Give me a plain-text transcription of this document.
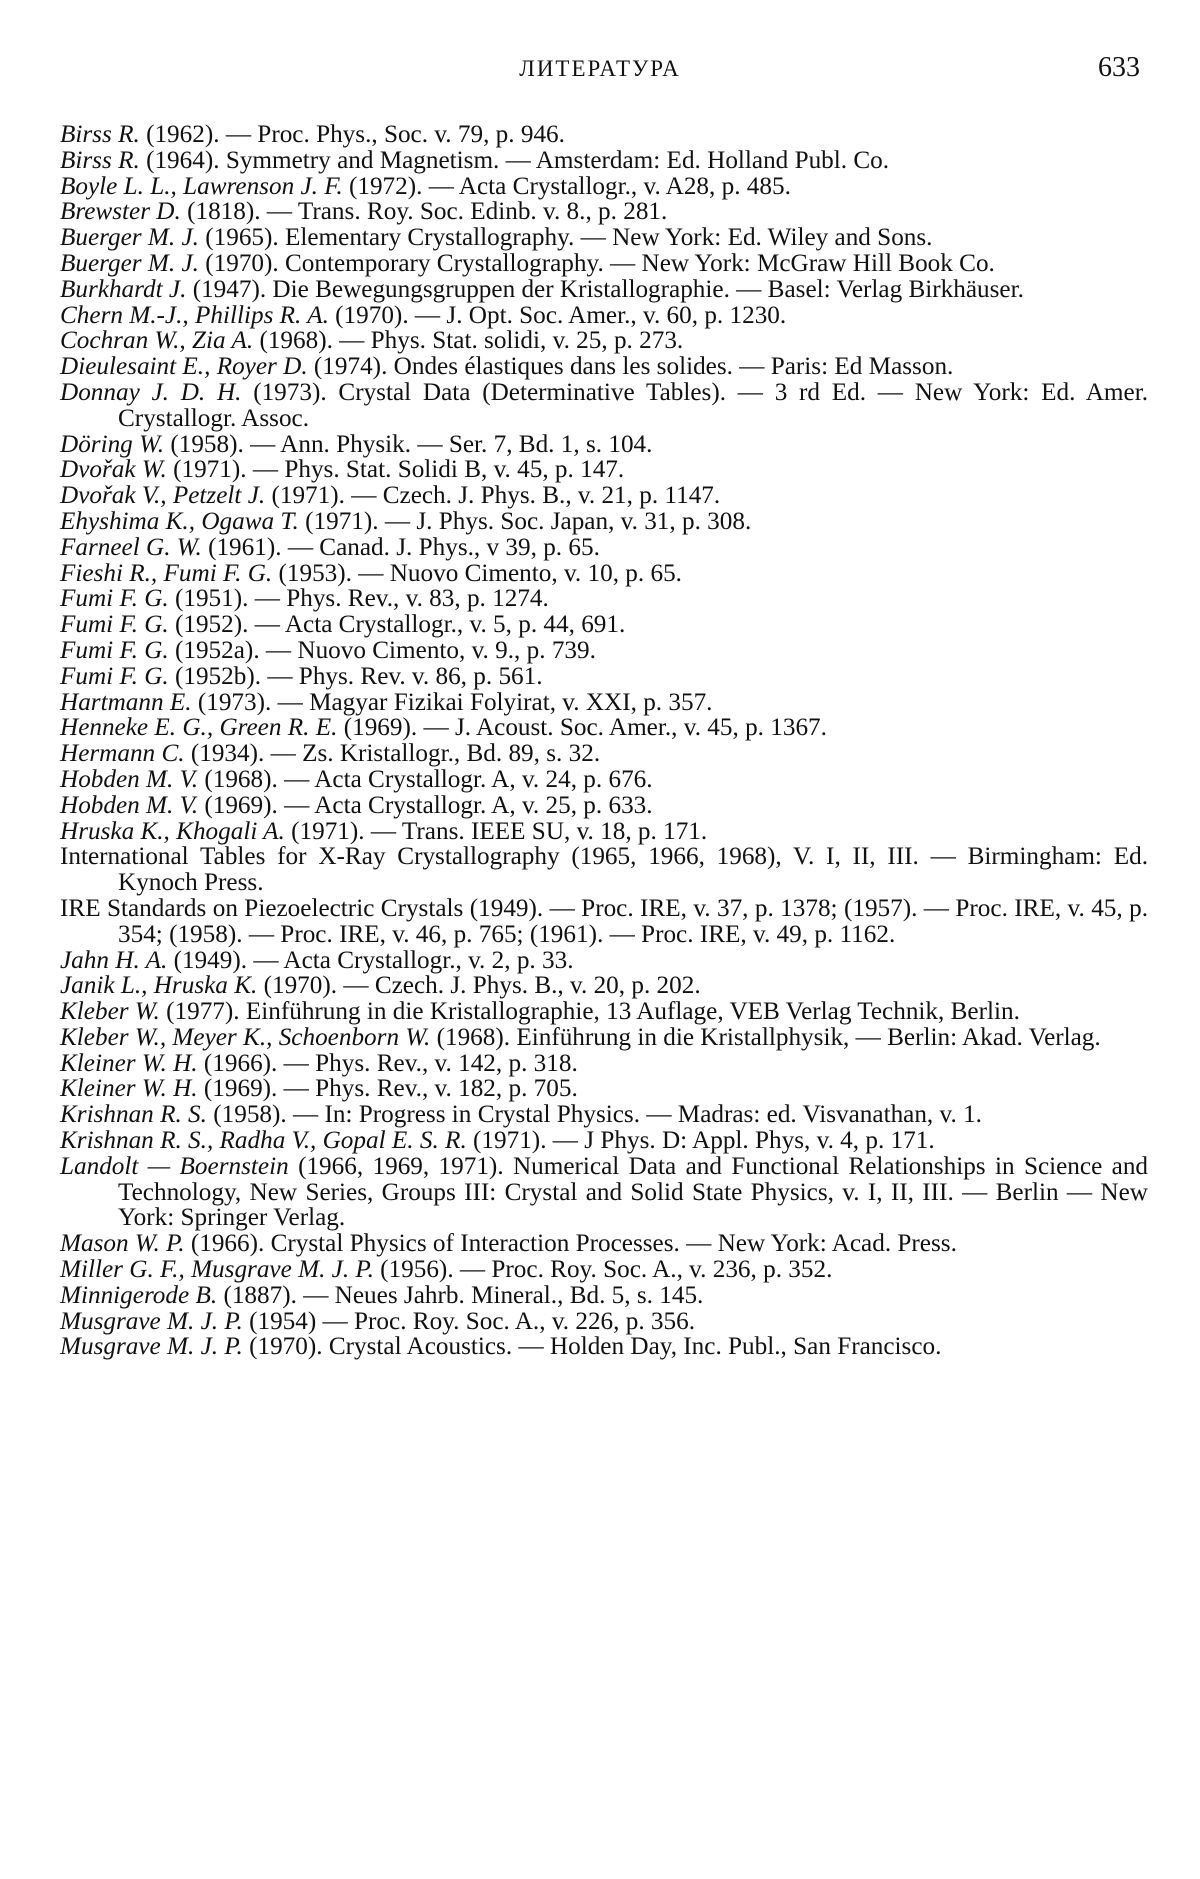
ЛИТЕРАТУРА	633
Birss R. (1962). — Proc. Phys., Soc. v. 79, p. 946.
Birss R. (1964). Symmetry and Magnetism. — Amsterdam: Ed. Holland Publ. Co.
Boyle L. L., Lawrenson J. F. (1972). — Acta Crystallogr., v. A28, p. 485.
Brewster D. (1818). — Trans. Roy. Soc. Edinb. v. 8., p. 281.
Buerger M. J. (1965). Elementary Crystallography. — New York: Ed. Wiley and Sons.
Buerger M. J. (1970). Contemporary Crystallography. — New York: McGraw Hill Book Co.
Burkhardt J. (1947). Die Bewegungsgruppen der Kristallographie. — Basel: Verlag Birkhäuser.
Chern M.-J., Phillips R. A. (1970). — J. Opt. Soc. Amer., v. 60, p. 1230.
Cochran W., Zia A. (1968). — Phys. Stat. solidi, v. 25, p. 273.
Dieulesaint E., Royer D. (1974). Ondes élastiques dans les solides. — Paris: Ed Masson.
Donnay J. D. H. (1973). Crystal Data (Determinative Tables). — 3 rd Ed. — New York: Ed. Amer. Crystallogr. Assoc.
Döring W. (1958). — Ann. Physik. — Ser. 7, Bd. 1, s. 104.
Dvořak W. (1971). — Phys. Stat. Solidi B, v. 45, p. 147.
Dvořak V., Petzelt J. (1971). — Czech. J. Phys. B., v. 21, p. 1147.
Ehyshima K., Ogawa T. (1971). — J. Phys. Soc. Japan, v. 31, p. 308.
Farneel G. W. (1961). — Canad. J. Phys., v 39, p. 65.
Fieshi R., Fumi F. G. (1953). — Nuovo Cimento, v. 10, p. 65.
Fumi F. G. (1951). — Phys. Rev., v. 83, p. 1274.
Fumi F. G. (1952). — Acta Crystallogr., v. 5, p. 44, 691.
Fumi F. G. (1952a). — Nuovo Cimento, v. 9., p. 739.
Fumi F. G. (1952b). — Phys. Rev. v. 86, p. 561.
Hartmann E. (1973). — Magyar Fizikai Folyirat, v. XXI, p. 357.
Henneke E. G., Green R. E. (1969). — J. Acoust. Soc. Amer., v. 45, p. 1367.
Hermann C. (1934). — Zs. Kristallogr., Bd. 89, s. 32.
Hobden M. V. (1968). — Acta Crystallogr. A, v. 24, p. 676.
Hobden M. V. (1969). — Acta Crystallogr. A, v. 25, p. 633.
Hruska K., Khogali A. (1971). — Trans. IEEE SU, v. 18, p. 171.
International Tables for X-Ray Crystallography (1965, 1966, 1968), V. I, II, III. — Birmingham: Ed. Kynoch Press.
IRE Standards on Piezoelectric Crystals (1949). — Proc. IRE, v. 37, p. 1378; (1957). — Proc. IRE, v. 45, p. 354; (1958). — Proc. IRE, v. 46, p. 765; (1961). — Proc. IRE, v. 49, p. 1162.
Jahn H. A. (1949). — Acta Crystallogr., v. 2, p. 33.
Janik L., Hruska K. (1970). — Czech. J. Phys. B., v. 20, p. 202.
Kleber W. (1977). Einführung in die Kristallographie, 13 Auflage, VEB Verlag Technik, Berlin.
Kleber W., Meyer K., Schoenborn W. (1968). Einführung in die Kristallphysik, — Berlin: Akad. Verlag.
Kleiner W. H. (1966). — Phys. Rev., v. 142, p. 318.
Kleiner W. H. (1969). — Phys. Rev., v. 182, p. 705.
Krishnan R. S. (1958). — In: Progress in Crystal Physics. — Madras: ed. Visvanathan, v. 1.
Krishnan R. S., Radha V., Gopal E. S. R. (1971). — J Phys. D: Appl. Phys, v. 4, p. 171.
Landolt — Boernstein (1966, 1969, 1971). Numerical Data and Functional Relationships in Science and Technology, New Series, Groups III: Crystal and Solid State Physics, v. I, II, III. — Berlin — New York: Springer Verlag.
Mason W. P. (1966). Crystal Physics of Interaction Processes. — New York: Acad. Press.
Miller G. F., Musgrave M. J. P. (1956). — Proc. Roy. Soc. A., v. 236, p. 352.
Minnigerode B. (1887). — Neues Jahrb. Mineral., Bd. 5, s. 145.
Musgrave M. J. P. (1954) — Proc. Roy. Soc. A., v. 226, p. 356.
Musgrave M. J. P. (1970). Crystal Acoustics. — Holden Day, Inc. Publ., San Francisco.
